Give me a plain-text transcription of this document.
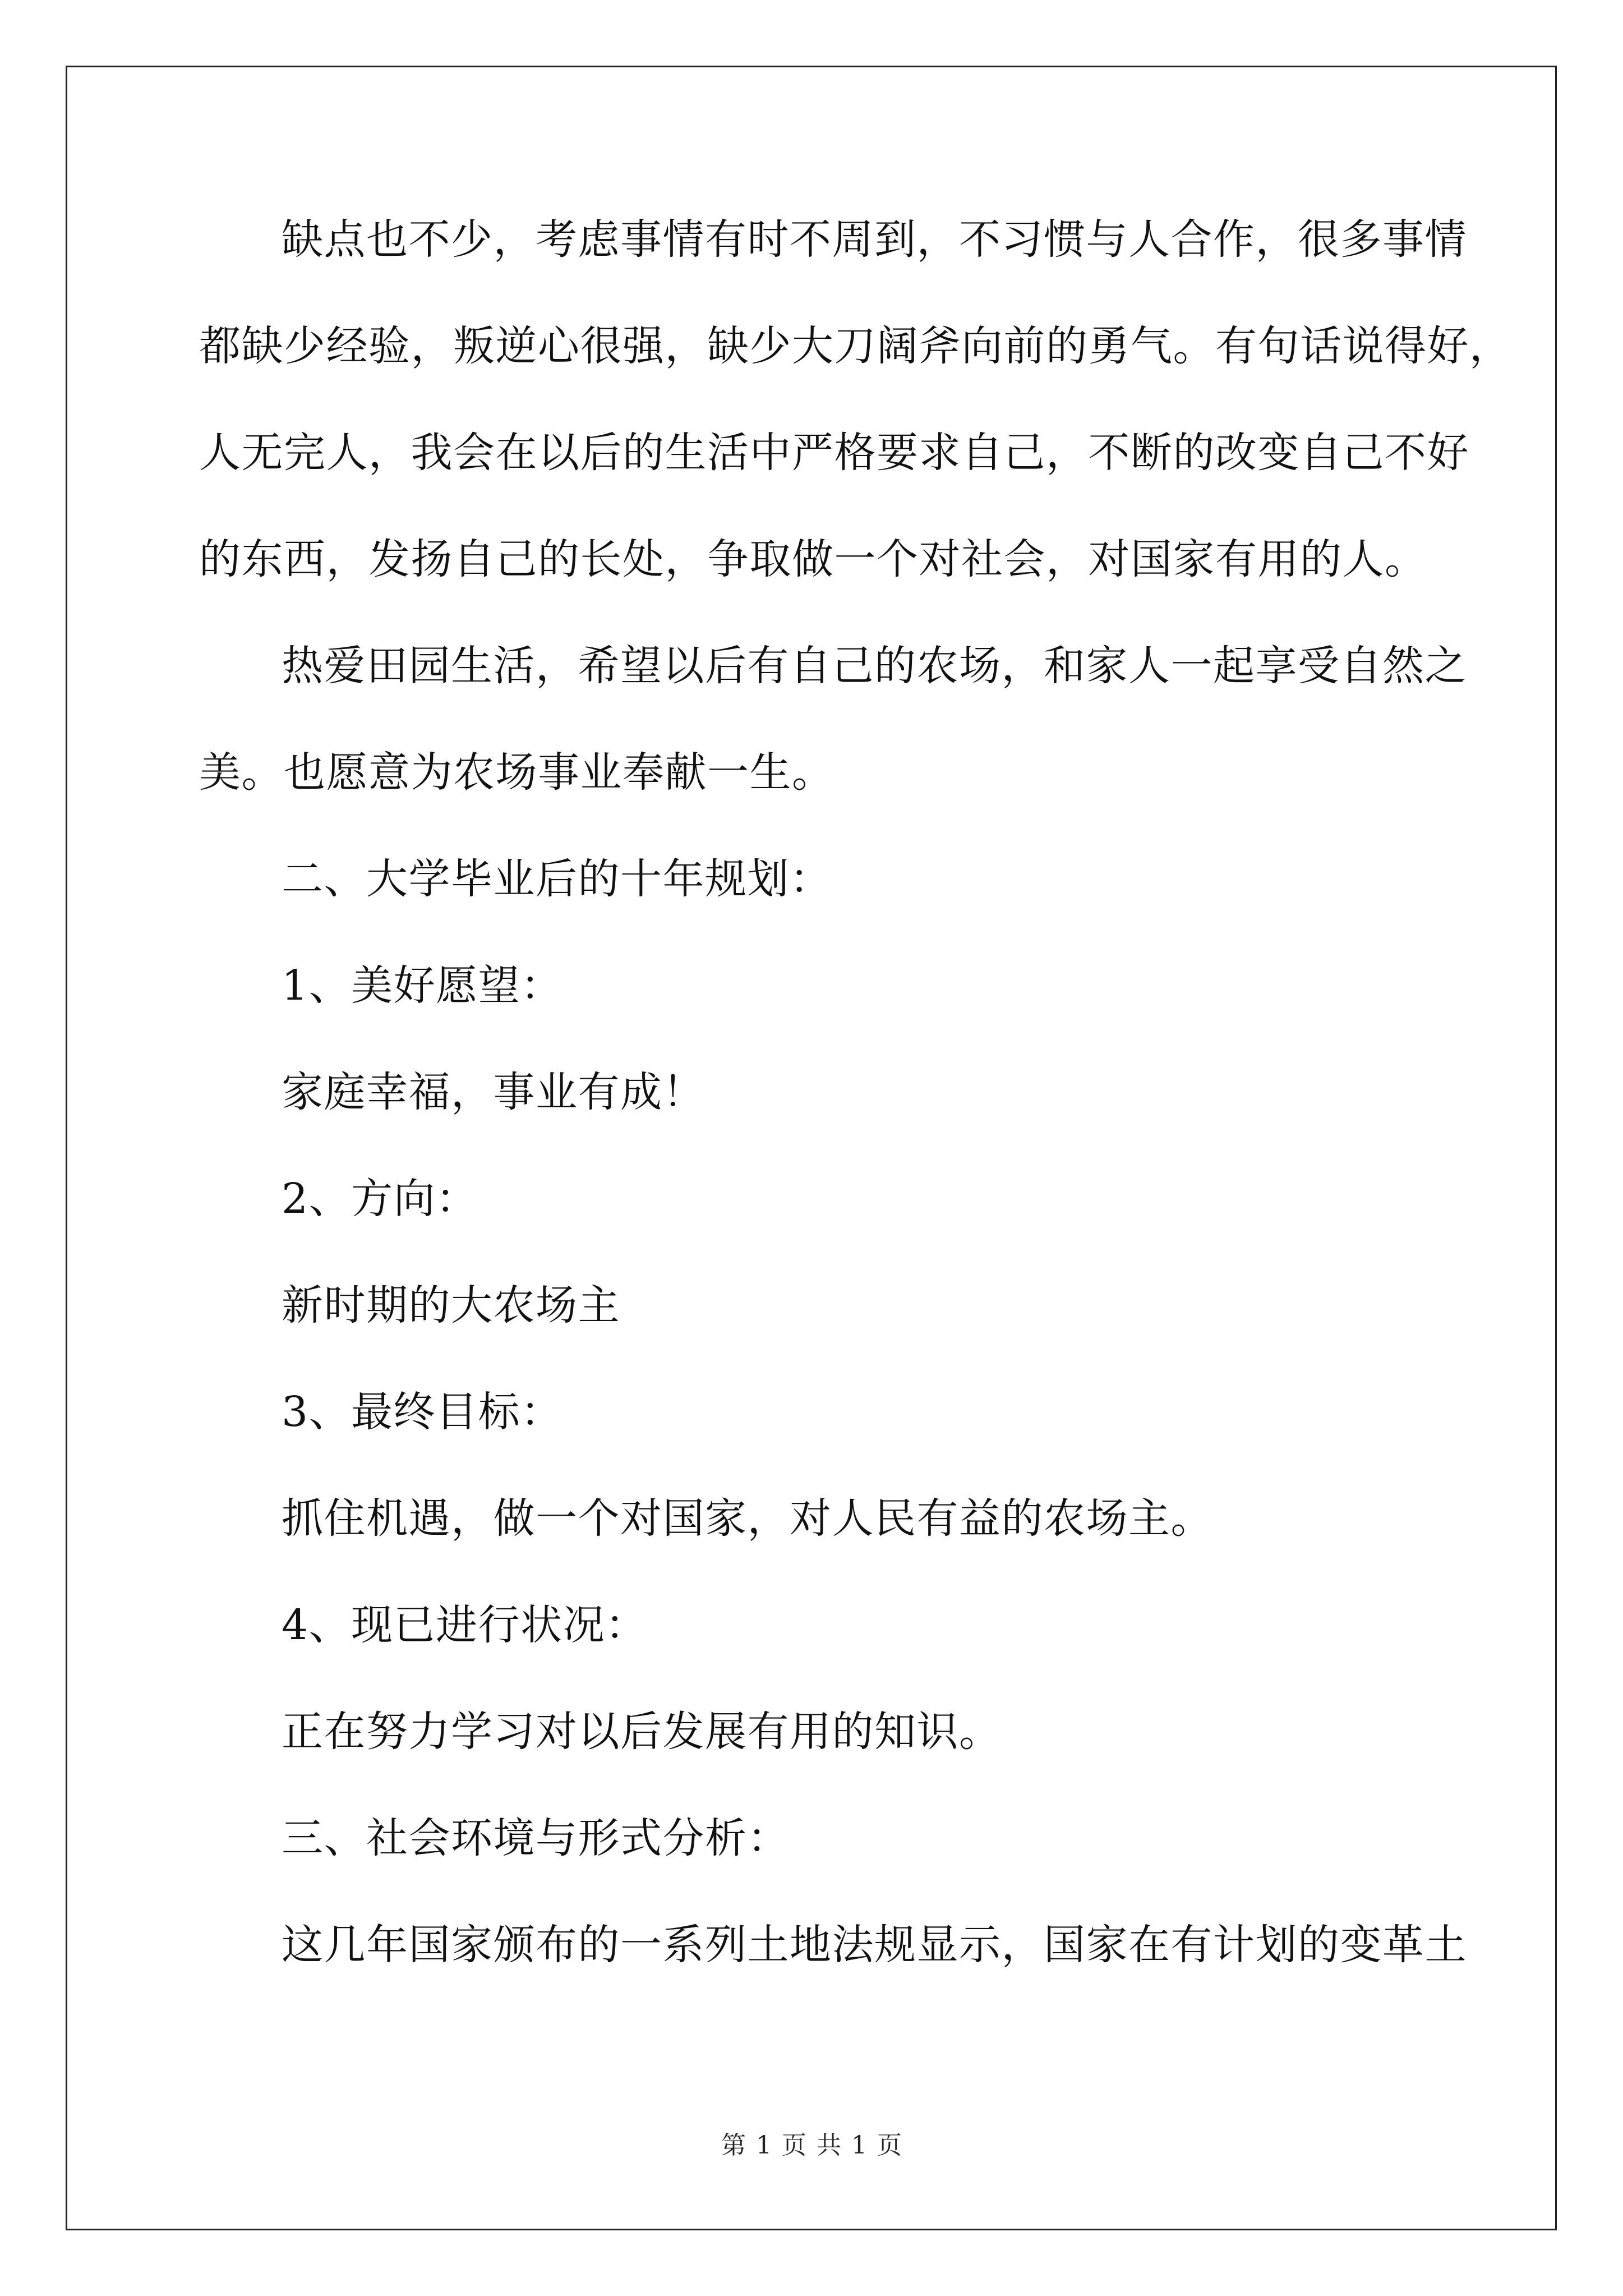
缺点也不少，考虑事情有时不周到，不习惯与人合作，很多事情
都缺少经验，叛逆心很强，缺少大刀阔斧向前的勇气。有句话说得好，
人无完人，我会在以后的生活中严格要求自己，不断的改变自己不好
的东西，发扬自己的长处，争取做一个对社会，对国家有用的人。
热爱田园生活，希望以后有自己的农场，和家人一起享受自然之
美。也愿意为农场事业奉献一生。
二、大学毕业后的十年规划：
1、美好愿望：
家庭幸福，事业有成！
2、方向：
新时期的大农场主
3、最终目标：
抓住机遇，做一个对国家，对人民有益的农场主。
4、现已进行状况：
正在努力学习对以后发展有用的知识。
三、社会环境与形式分析：
这几年国家颁布的一系列土地法规显示，国家在有计划的变革土
第 1 页 共 1 页
